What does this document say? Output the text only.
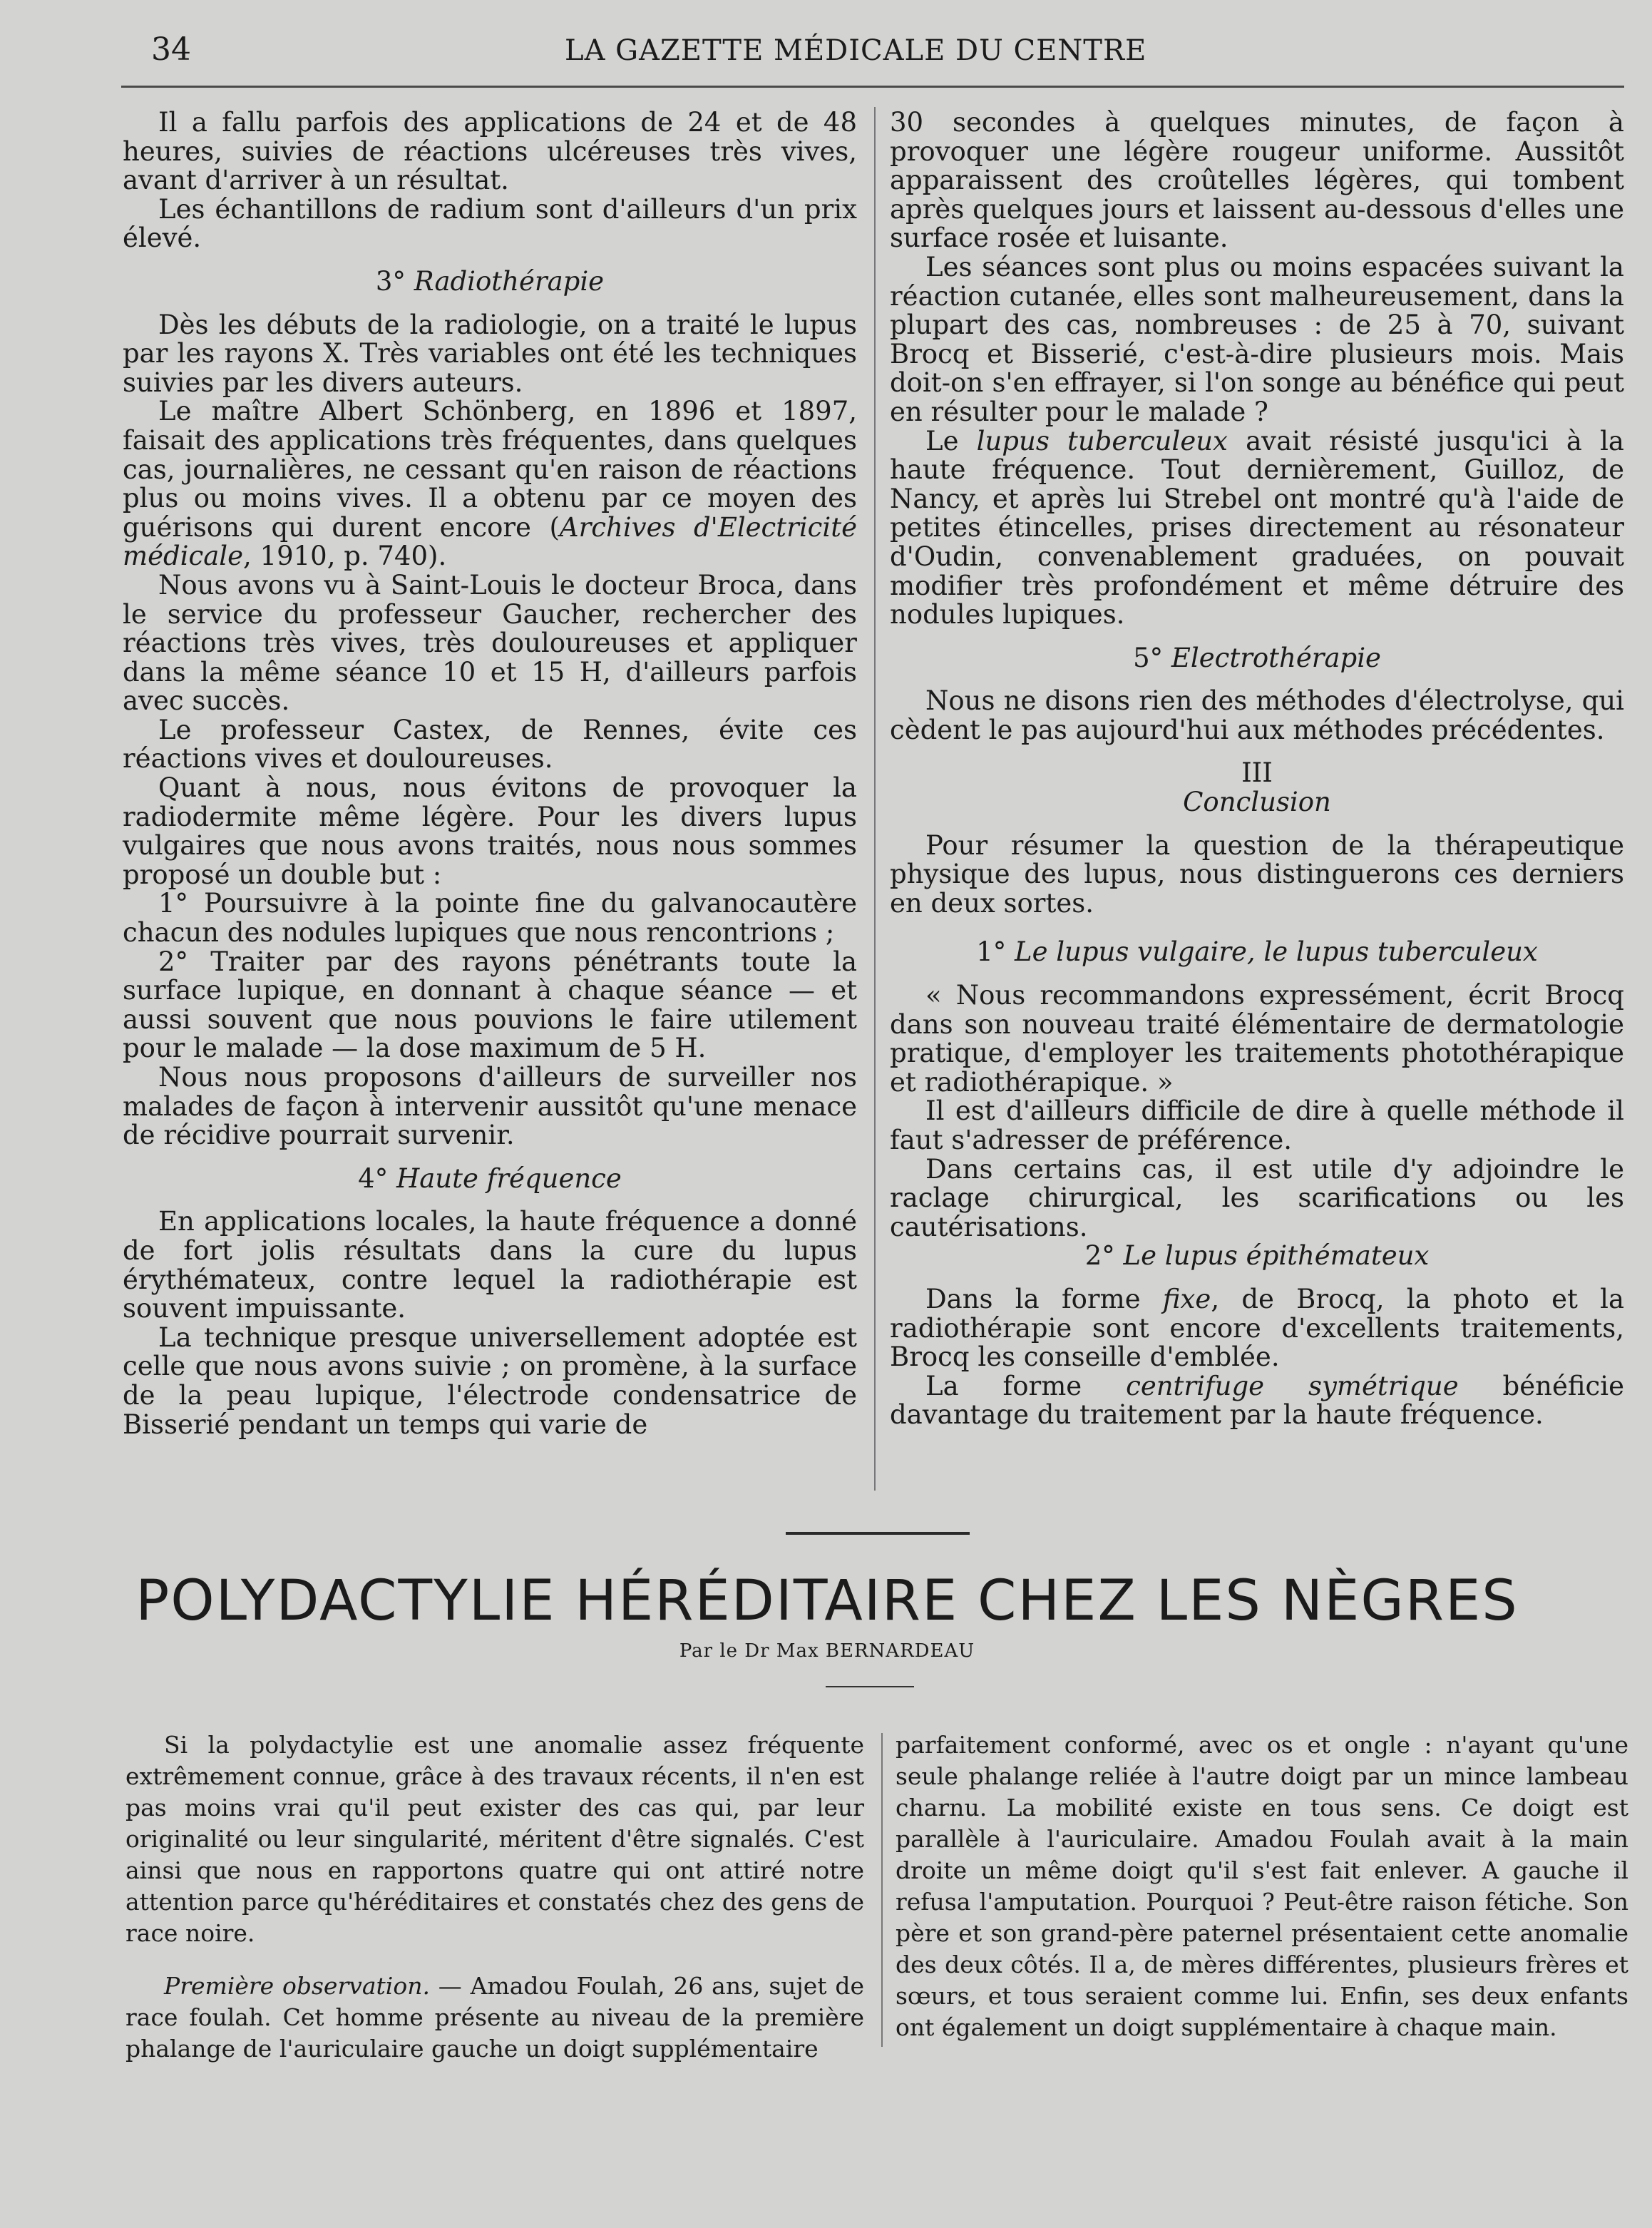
34	LA GAZETTE MÉDICALE DU CENTRE

Il a fallu parfois des applications de 24 et de 48 heures, suivies de réactions ulcéreuses très vives, avant d'arriver à un résultat.

Les échantillons de radium sont d'ailleurs d'un prix élevé.

3° Radiothérapie

Dès les débuts de la radiologie, on a traité le lupus par les rayons X. Très variables ont été les techniques suivies par les divers auteurs.

Le maître Albert Schönberg, en 1896 et 1897, faisait des applications très fréquentes, dans quelques cas, journalières, ne cessant qu'en raison de réactions plus ou moins vives. Il a obtenu par ce moyen des guérisons qui durent encore (Archives d'Electricité médicale, 1910, p. 740).

Nous avons vu à Saint-Louis le docteur Broca, dans le service du professeur Gaucher, rechercher des réactions très vives, très douloureuses et appliquer dans la même séance 10 et 15 H, d'ailleurs parfois avec succès.

Le professeur Castex, de Rennes, évite ces réactions vives et douloureuses.

Quant à nous, nous évitons de provoquer la radiodermite même légère. Pour les divers lupus vulgaires que nous avons traités, nous nous sommes proposé un double but :

1° Poursuivre à la pointe fine du galvanocautère chacun des nodules lupiques que nous rencontrions ;

2° Traiter par des rayons pénétrants toute la surface lupique, en donnant à chaque séance — et aussi souvent que nous pouvions le faire utilement pour le malade — la dose maximum de 5 H.

Nous nous proposons d'ailleurs de surveiller nos malades de façon à intervenir aussitôt qu'une menace de récidive pourrait survenir.

4° Haute fréquence

En applications locales, la haute fréquence a donné de fort jolis résultats dans la cure du lupus érythémateux, contre lequel la radiothérapie est souvent impuissante.

La technique presque universellement adoptée est celle que nous avons suivie ; on promène, à la surface de la peau lupique, l'électrode condensatrice de Bisserié pendant un temps qui varie de

30 secondes à quelques minutes, de façon à provoquer une légère rougeur uniforme. Aussitôt apparaissent des croûtelles légères, qui tombent après quelques jours et laissent au-dessous d'elles une surface rosée et luisante.

Les séances sont plus ou moins espacées suivant la réaction cutanée, elles sont malheureusement, dans la plupart des cas, nombreuses : de 25 à 70, suivant Brocq et Bisserié, c'est-à-dire plusieurs mois. Mais doit-on s'en effrayer, si l'on songe au bénéfice qui peut en résulter pour le malade ?

Le lupus tuberculeux avait résisté jusqu'ici à la haute fréquence. Tout dernièrement, Guilloz, de Nancy, et après lui Strebel ont montré qu'à l'aide de petites étincelles, prises directement au résonateur d'Oudin, convenablement graduées, on pouvait modifier très profondément et même détruire des nodules lupiques.

5° Electrothérapie

Nous ne disons rien des méthodes d'électrolyse, qui cèdent le pas aujourd'hui aux méthodes précédentes.

III

Conclusion

Pour résumer la question de la thérapeutique physique des lupus, nous distinguerons ces derniers en deux sortes.

1° Le lupus vulgaire, le lupus tuberculeux

« Nous recommandons expressément, écrit Brocq dans son nouveau traité élémentaire de dermatologie pratique, d'employer les traitements photothérapique et radiothérapique. »

Il est d'ailleurs difficile de dire à quelle méthode il faut s'adresser de préférence.

Dans certains cas, il est utile d'y adjoindre le raclage chirurgical, les scarifications ou les cautérisations.

2° Le lupus épithémateux

Dans la forme fixe, de Brocq, la photo et la radiothérapie sont encore d'excellents traitements, Brocq les conseille d'emblée.

La forme centrifuge symétrique bénéficie davantage du traitement par la haute fréquence.

POLYDACTYLIE HÉRÉDITAIRE CHEZ LES NÈGRES
Par le Dr Max BERNARDEAU

Si la polydactylie est une anomalie assez fréquente extrêmement connue, grâce à des travaux récents, il n'en est pas moins vrai qu'il peut exister des cas qui, par leur originalité ou leur singularité, méritent d'être signalés. C'est ainsi que nous en rapportons quatre qui ont attiré notre attention parce qu'héréditaires et constatés chez des gens de race noire.

Première observation. — Amadou Foulah, 26 ans, sujet de race foulah. Cet homme présente au niveau de la première phalange de l'auriculaire gauche un doigt supplémentaire

parfaitement conformé, avec os et ongle : n'ayant qu'une seule phalange reliée à l'autre doigt par un mince lambeau charnu. La mobilité existe en tous sens. Ce doigt est parallèle à l'auriculaire. Amadou Foulah avait à la main droite un même doigt qu'il s'est fait enlever. A gauche il refusa l'amputation. Pourquoi ? Peut-être raison fétiche. Son père et son grand-père paternel présentaient cette anomalie des deux côtés. Il a, de mères différentes, plusieurs frères et sœurs, et tous seraient comme lui. Enfin, ses deux enfants ont également un doigt supplémentaire à chaque main.
